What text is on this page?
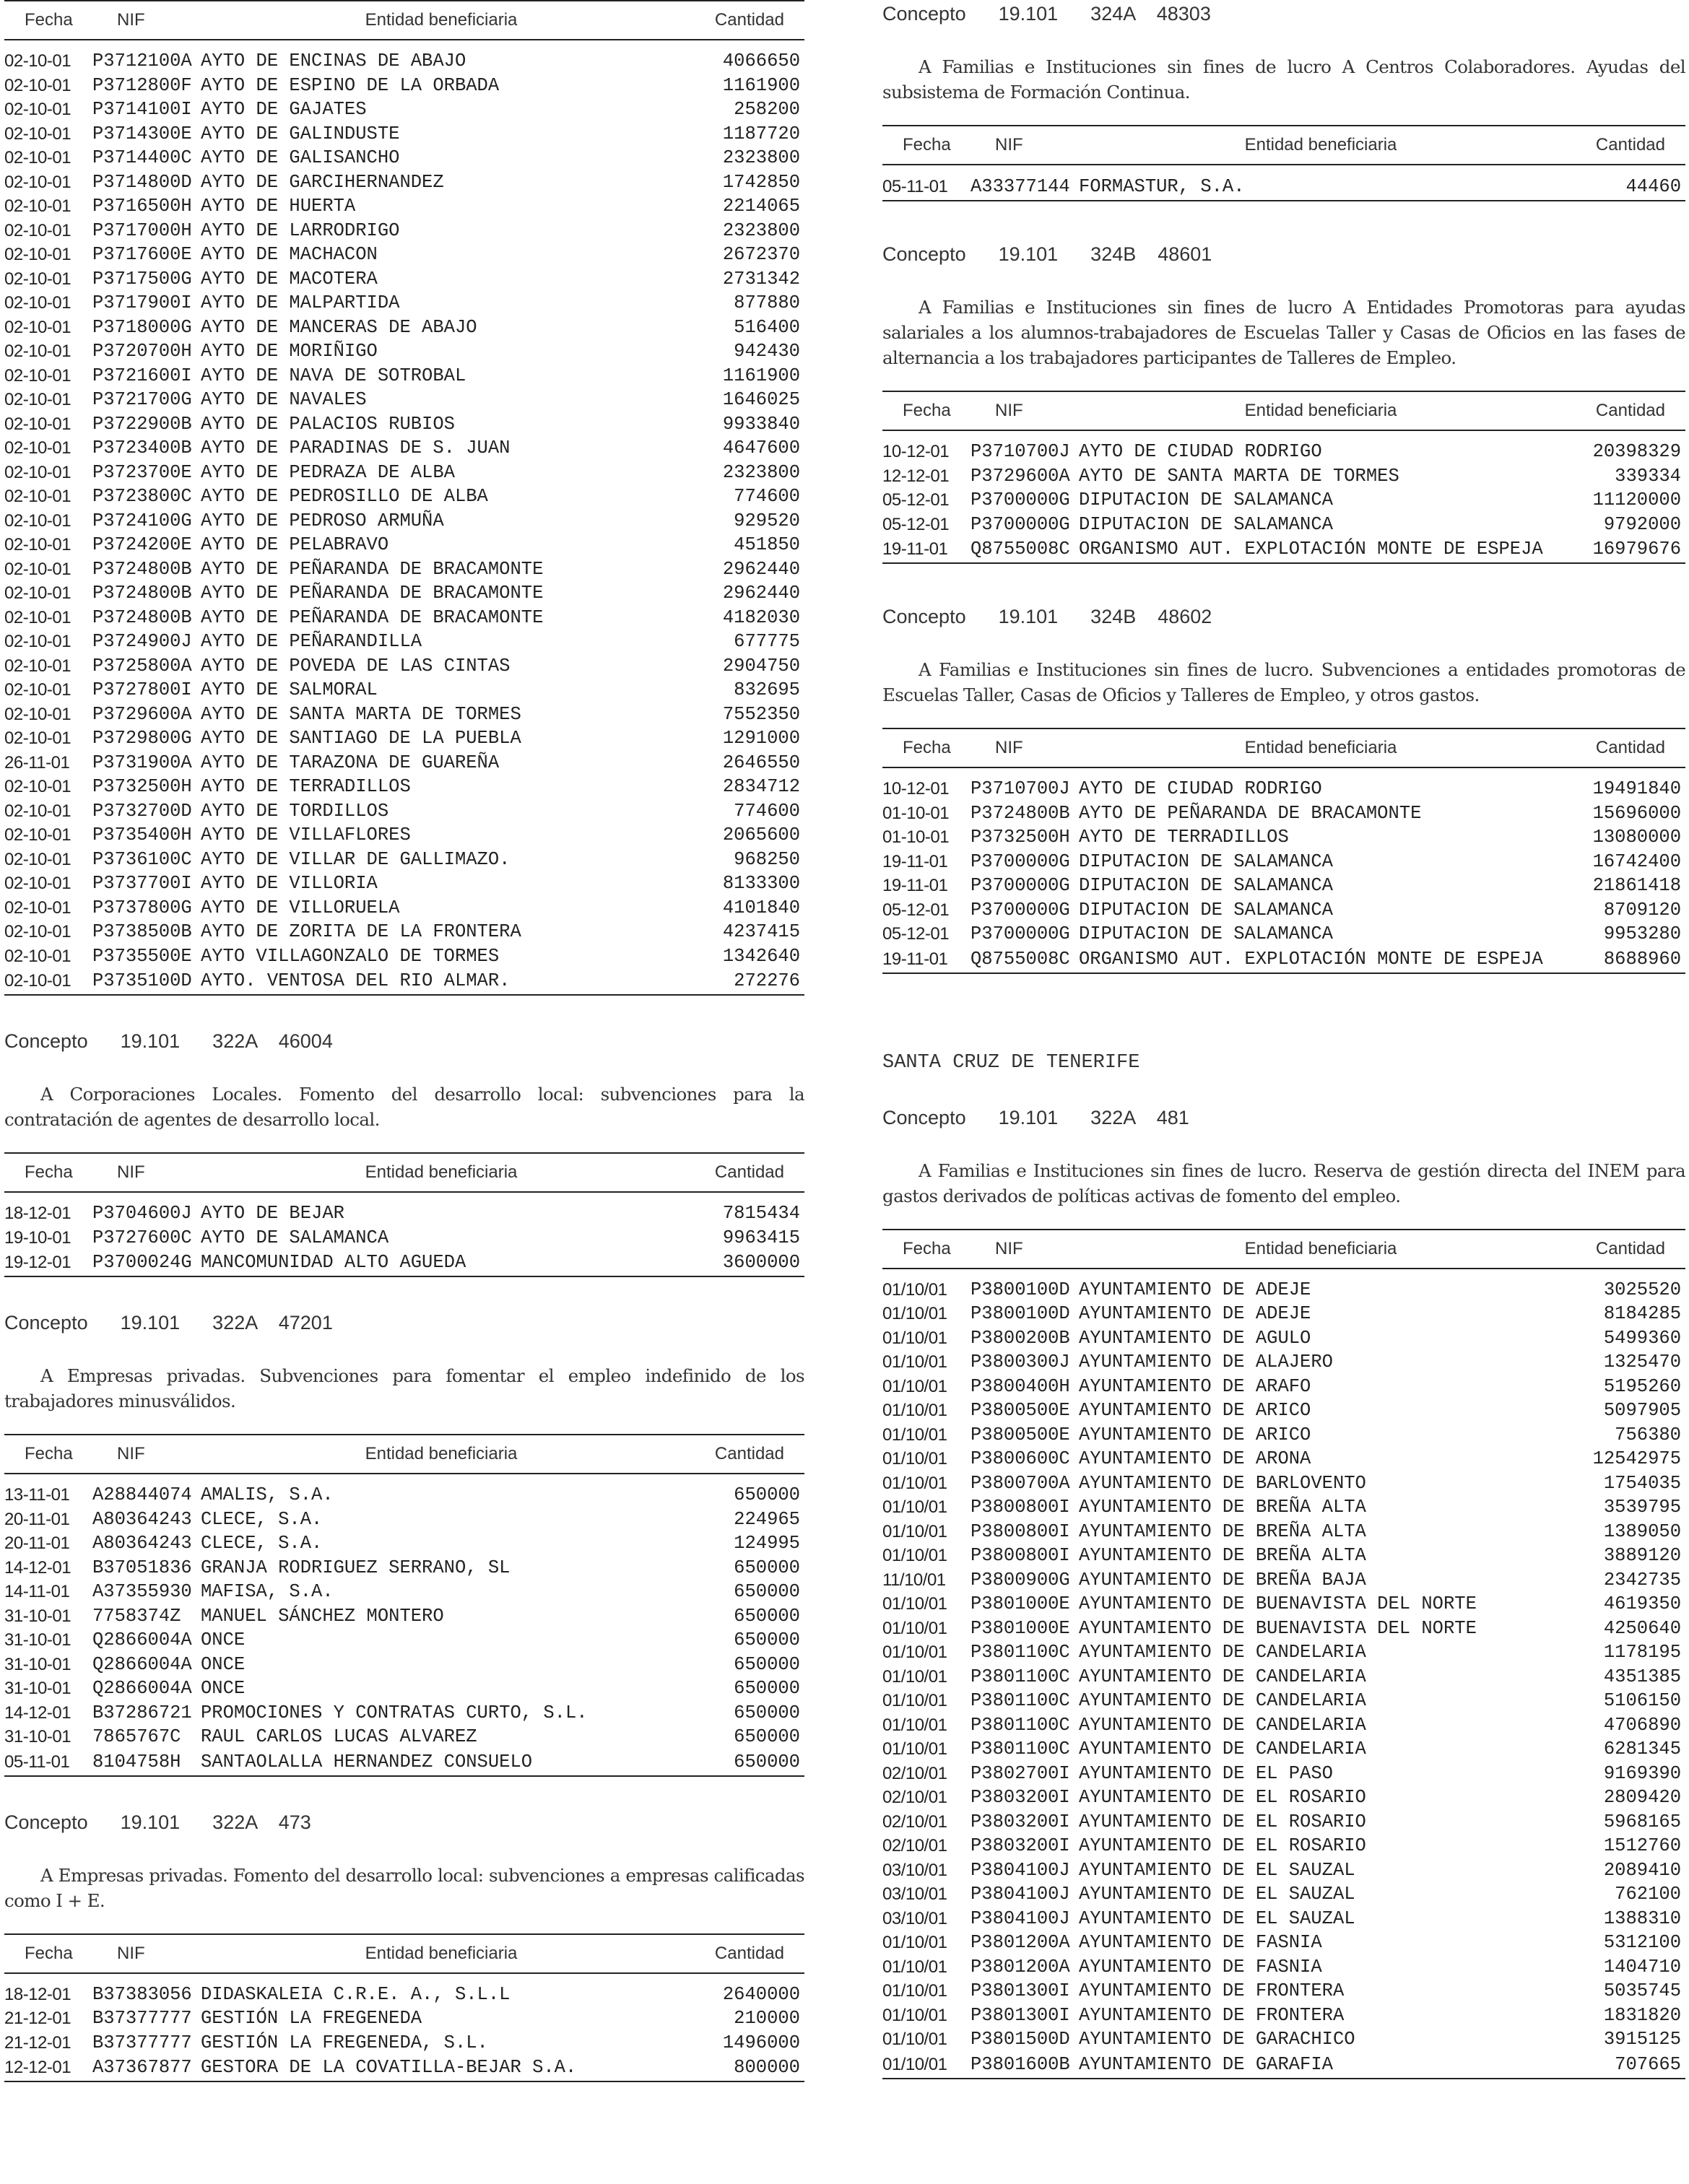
Fecha	NIF	Entidad beneficiaria	Cantidad
02-10-01	P3712100A	AYTO DE ENCINAS DE ABAJO	4066650
02-10-01	P3712800F	AYTO DE ESPINO DE LA ORBADA	1161900
02-10-01	P3714100I	AYTO DE GAJATES	258200
02-10-01	P3714300E	AYTO DE GALINDUSTE	1187720
02-10-01	P3714400C	AYTO DE GALISANCHO	2323800
02-10-01	P3714800D	AYTO DE GARCIHERNANDEZ	1742850
02-10-01	P3716500H	AYTO DE HUERTA	2214065
02-10-01	P3717000H	AYTO DE LARRODRIGO	2323800
02-10-01	P3717600E	AYTO DE MACHACON	2672370
02-10-01	P3717500G	AYTO DE MACOTERA	2731342
02-10-01	P3717900I	AYTO DE MALPARTIDA	877880
02-10-01	P3718000G	AYTO DE MANCERAS DE ABAJO	516400
02-10-01	P3720700H	AYTO DE MORIÑIGO	942430
02-10-01	P3721600I	AYTO DE NAVA DE SOTROBAL	1161900
02-10-01	P3721700G	AYTO DE NAVALES	1646025
02-10-01	P3722900B	AYTO DE PALACIOS RUBIOS	9933840
02-10-01	P3723400B	AYTO DE PARADINAS DE S. JUAN	4647600
02-10-01	P3723700E	AYTO DE PEDRAZA DE ALBA	2323800
02-10-01	P3723800C	AYTO DE PEDROSILLO DE ALBA	774600
02-10-01	P3724100G	AYTO DE PEDROSO ARMUÑA	929520
02-10-01	P3724200E	AYTO DE PELABRAVO	451850
02-10-01	P3724800B	AYTO DE PEÑARANDA DE BRACAMONTE	2962440
02-10-01	P3724800B	AYTO DE PEÑARANDA DE BRACAMONTE	2962440
02-10-01	P3724800B	AYTO DE PEÑARANDA DE BRACAMONTE	4182030
02-10-01	P3724900J	AYTO DE PEÑARANDILLA	677775
02-10-01	P3725800A	AYTO DE POVEDA DE LAS CINTAS	2904750
02-10-01	P3727800I	AYTO DE SALMORAL	832695
02-10-01	P3729600A	AYTO DE SANTA MARTA DE TORMES	7552350
02-10-01	P3729800G	AYTO DE SANTIAGO DE LA PUEBLA	1291000
26-11-01	P3731900A	AYTO DE TARAZONA DE GUAREÑA	2646550
02-10-01	P3732500H	AYTO DE TERRADILLOS	2834712
02-10-01	P3732700D	AYTO DE TORDILLOS	774600
02-10-01	P3735400H	AYTO DE VILLAFLORES	2065600
02-10-01	P3736100C	AYTO DE VILLAR DE GALLIMAZO.	968250
02-10-01	P3737700I	AYTO DE VILLORIA	8133300
02-10-01	P3737800G	AYTO DE VILLORUELA	4101840
02-10-01	P3738500B	AYTO DE ZORITA DE LA FRONTERA	4237415
02-10-01	P3735500E	AYTO VILLAGONZALO DE TORMES	1342640
02-10-01	P3735100D	AYTO. VENTOSA DEL RIO ALMAR.	272276
Concepto      19.101      322A    46004

A Corporaciones Locales. Fomento del desarrollo local: subvenciones para la contratación de agentes de desarrollo local.

Fecha	NIF	Entidad beneficiaria	Cantidad
18-12-01	P3704600J	AYTO DE BEJAR	7815434
19-10-01	P3727600C	AYTO DE SALAMANCA	9963415
19-12-01	P3700024G	MANCOMUNIDAD ALTO AGUEDA	3600000
Concepto      19.101      322A    47201

A Empresas privadas. Subvenciones para fomentar el empleo indefinido de los trabajadores minusválidos.

Fecha	NIF	Entidad beneficiaria	Cantidad
13-11-01	A28844074	AMALIS, S.A.	650000
20-11-01	A80364243	CLECE, S.A.	224965
20-11-01	A80364243	CLECE, S.A.	124995
14-12-01	B37051836	GRANJA RODRIGUEZ SERRANO, SL	650000
14-11-01	A37355930	MAFISA, S.A.	650000
31-10-01	7758374Z	MANUEL SÁNCHEZ MONTERO	650000
31-10-01	Q2866004A	ONCE	650000
31-10-01	Q2866004A	ONCE	650000
31-10-01	Q2866004A	ONCE	650000
14-12-01	B37286721	PROMOCIONES Y CONTRATAS CURTO, S.L.	650000
31-10-01	7865767C	RAUL CARLOS LUCAS ALVAREZ	650000
05-11-01	8104758H	SANTAOLALLA HERNANDEZ CONSUELO	650000
Concepto      19.101      322A    473

A Empresas privadas. Fomento del desarrollo local: subvenciones a empresas calificadas como I + E.

Fecha	NIF	Entidad beneficiaria	Cantidad
18-12-01	B37383056	DIDASKALEIA C.R.E. A., S.L.L	2640000
21-12-01	B37377777	GESTIÓN LA FREGENEDA	210000
21-12-01	B37377777	GESTIÓN LA FREGENEDA, S.L.	1496000
12-12-01	A37367877	GESTORA DE LA COVATILLA-BEJAR S.A.	800000
Concepto      19.101      324A    48303

A Familias e Instituciones sin fines de lucro A Centros Colaboradores. Ayudas del subsistema de Formación Continua.

Fecha	NIF	Entidad beneficiaria	Cantidad
05-11-01	A33377144	FORMASTUR, S.A.	44460
Concepto      19.101      324B    48601

A Familias e Instituciones sin fines de lucro A Entidades Promotoras para ayudas salariales a los alumnos-trabajadores de Escuelas Taller y Casas de Oficios en las fases de alternancia a los trabajadores participantes de Talleres de Empleo.

Fecha	NIF	Entidad beneficiaria	Cantidad
10-12-01	P3710700J	AYTO DE CIUDAD RODRIGO	20398329
12-12-01	P3729600A	AYTO DE SANTA MARTA DE TORMES	339334
05-12-01	P3700000G	DIPUTACION DE SALAMANCA	11120000
05-12-01	P3700000G	DIPUTACION DE SALAMANCA	9792000
19-11-01	Q8755008C	ORGANISMO AUT. EXPLOTACIÓN MONTE DE ESPEJA	16979676
Concepto      19.101      324B    48602

A Familias e Instituciones sin fines de lucro. Subvenciones a entidades promotoras de Escuelas Taller, Casas de Oficios y Talleres de Empleo, y otros gastos.

Fecha	NIF	Entidad beneficiaria	Cantidad
10-12-01	P3710700J	AYTO DE CIUDAD RODRIGO	19491840
01-10-01	P3724800B	AYTO DE PEÑARANDA DE BRACAMONTE	15696000
01-10-01	P3732500H	AYTO DE TERRADILLOS	13080000
19-11-01	P3700000G	DIPUTACION DE SALAMANCA	16742400
19-11-01	P3700000G	DIPUTACION DE SALAMANCA	21861418
05-12-01	P3700000G	DIPUTACION DE SALAMANCA	8709120
05-12-01	P3700000G	DIPUTACION DE SALAMANCA	9953280
19-11-01	Q8755008C	ORGANISMO AUT. EXPLOTACIÓN MONTE DE ESPEJA	8688960
SANTA CRUZ DE TENERIFE
Concepto      19.101      322A    481

A Familias e Instituciones sin fines de lucro. Reserva de gestión directa del INEM para gastos derivados de políticas activas de fomento del empleo.

Fecha	NIF	Entidad beneficiaria	Cantidad
01/10/01	P3800100D	AYUNTAMIENTO DE ADEJE	3025520
01/10/01	P3800100D	AYUNTAMIENTO DE ADEJE	8184285
01/10/01	P3800200B	AYUNTAMIENTO DE AGULO	5499360
01/10/01	P3800300J	AYUNTAMIENTO DE ALAJERO	1325470
01/10/01	P3800400H	AYUNTAMIENTO DE ARAFO	5195260
01/10/01	P3800500E	AYUNTAMIENTO DE ARICO	5097905
01/10/01	P3800500E	AYUNTAMIENTO DE ARICO	756380
01/10/01	P3800600C	AYUNTAMIENTO DE ARONA	12542975
01/10/01	P3800700A	AYUNTAMIENTO DE BARLOVENTO	1754035
01/10/01	P3800800I	AYUNTAMIENTO DE BREÑA ALTA	3539795
01/10/01	P3800800I	AYUNTAMIENTO DE BREÑA ALTA	1389050
01/10/01	P3800800I	AYUNTAMIENTO DE BREÑA ALTA	3889120
11/10/01	P3800900G	AYUNTAMIENTO DE BREÑA BAJA	2342735
01/10/01	P3801000E	AYUNTAMIENTO DE BUENAVISTA DEL NORTE	4619350
01/10/01	P3801000E	AYUNTAMIENTO DE BUENAVISTA DEL NORTE	4250640
01/10/01	P3801100C	AYUNTAMIENTO DE CANDELARIA	1178195
01/10/01	P3801100C	AYUNTAMIENTO DE CANDELARIA	4351385
01/10/01	P3801100C	AYUNTAMIENTO DE CANDELARIA	5106150
01/10/01	P3801100C	AYUNTAMIENTO DE CANDELARIA	4706890
01/10/01	P3801100C	AYUNTAMIENTO DE CANDELARIA	6281345
02/10/01	P3802700I	AYUNTAMIENTO DE EL PASO	9169390
02/10/01	P3803200I	AYUNTAMIENTO DE EL ROSARIO	2809420
02/10/01	P3803200I	AYUNTAMIENTO DE EL ROSARIO	5968165
02/10/01	P3803200I	AYUNTAMIENTO DE EL ROSARIO	1512760
03/10/01	P3804100J	AYUNTAMIENTO DE EL SAUZAL	2089410
03/10/01	P3804100J	AYUNTAMIENTO DE EL SAUZAL	762100
03/10/01	P3804100J	AYUNTAMIENTO DE EL SAUZAL	1388310
01/10/01	P3801200A	AYUNTAMIENTO DE FASNIA	5312100
01/10/01	P3801200A	AYUNTAMIENTO DE FASNIA	1404710
01/10/01	P3801300I	AYUNTAMIENTO DE FRONTERA	5035745
01/10/01	P3801300I	AYUNTAMIENTO DE FRONTERA	1831820
01/10/01	P3801500D	AYUNTAMIENTO DE GARACHICO	3915125
01/10/01	P3801600B	AYUNTAMIENTO DE GARAFIA	707665
